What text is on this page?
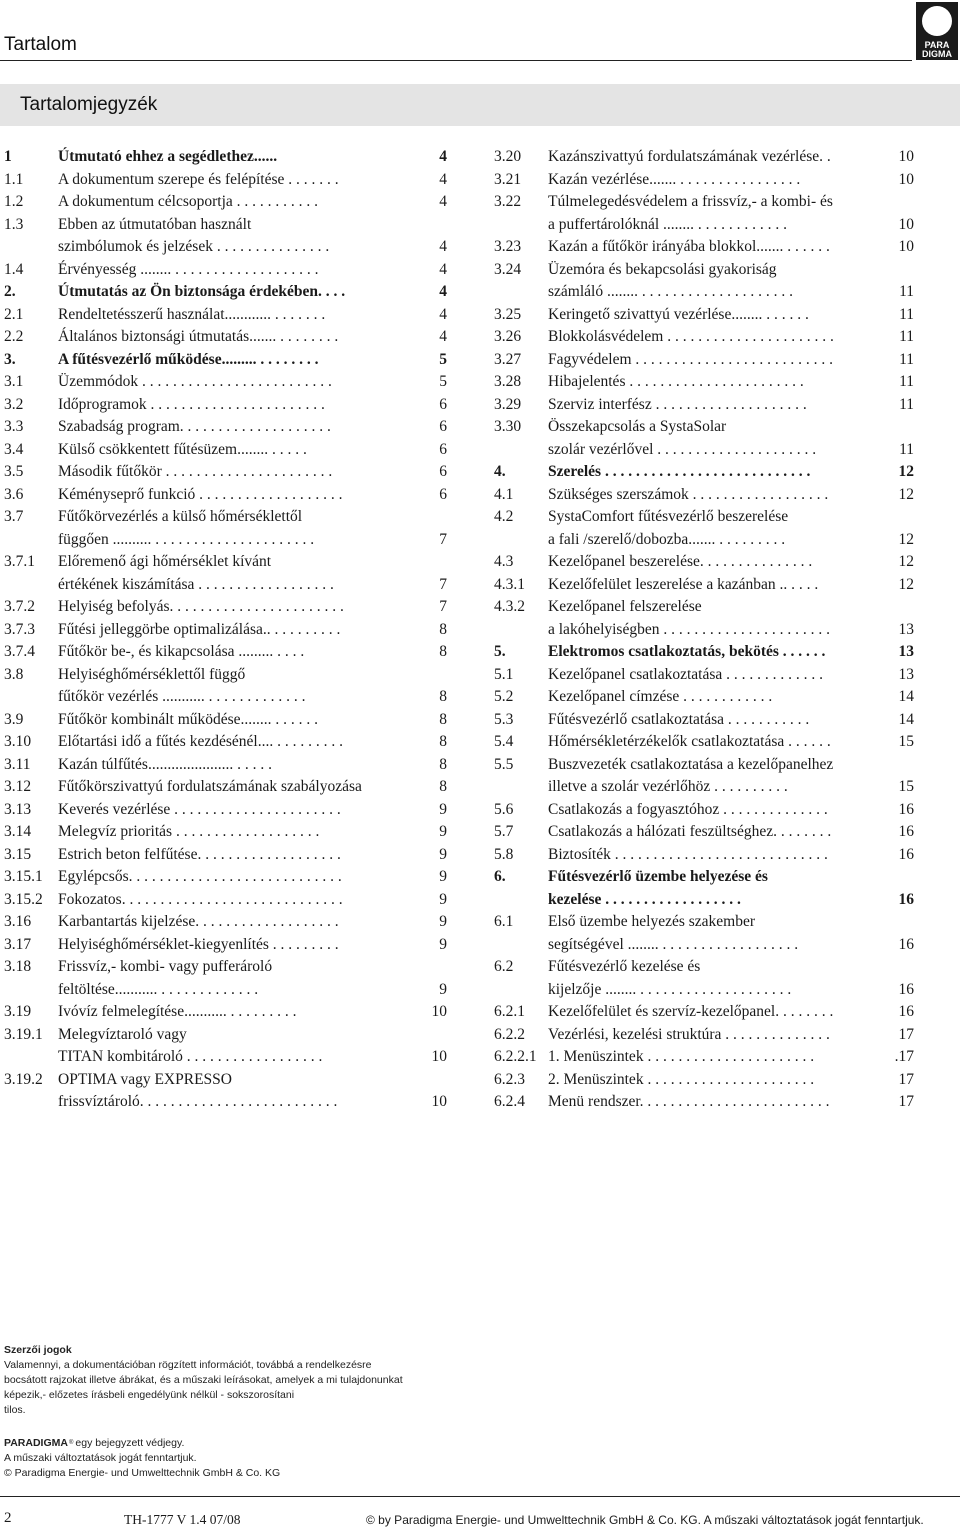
Tartalom	PARA
DIGMA
Tartalomjegyzék
1	Útmutató ehhez a segédlethez......	4
1.1	A dokumentum szerepe és felépítése . . . . . . .	4
1.2	A dokumentum célcsoportja . . . . . . . . . . .	4
1.3	Ebben az útmutatóban használt
szimbólumok és jelzések . . . . . . . . . . . . . . .	4
1.4	Érvényesség ........ . . . . . . . . . . . . . . . . . . .	4
2.	Útmutatás az Ön biztonsága érdekében. . . .	4
2.1	Rendeltetésszerű használat............ . . . . . . .	4
2.2	Általános biztonsági útmutatás....... . . . . . . . .	4
3.	A fűtésvezérlő működése......... . . . . . . . .	5
3.1	Üzemmódok . . . . . . . . . . . . . . . . . . . . . . . . .	5
3.2	Időprogramok . . . . . . . . . . . . . . . . . . . . . . .	6
3.3	Szabadság program. . . . . . . . . . . . . . . . . . . .	6
3.4	Külső csökkentett fűtésüzem........ . . . . .	6
3.5	Második fűtőkör . . . . . . . . . . . . . . . . . . . . . .	6
3.6	Kéményseprő funkció . . . . . . . . . . . . . . . . . . .	6
3.7	Fűtőkörvezérlés a külső hőmérséklettől
függően .......... . . . . . . . . . . . . . . . . . . . . .	7
3.7.1	Előremenő ági hőmérséklet kívánt
értékének kiszámítása . . . . . . . . . . . . . . . . . .	7
3.7.2	Helyiség befolyás. . . . . . . . . . . . . . . . . . . . . . .	7
3.7.3	Fűtési jelleggörbe optimalizálása.. . . . . . . . . .	8
3.7.4	Fűtőkör be-, és kikapcsolása ......... . . . .	8
3.8	Helyiséghőmérséklettől függő
fűtőkör vezérlés ........... . . . . . . . . . . . . .	8
3.9	Fűtőkör kombinált működése........ . . . . . .	8
3.10	Előtartási idő a fűtés kezdésénél.... . . . . . . . . .	8
3.11	Kazán túlfűtés...................... . . . . .	8
3.12	Fűtőkörszivattyú fordulatszámának szabályozása	8
3.13	Keverés vezérlése . . . . . . . . . . . . . . . . . . . . . .	9
3.14	Melegvíz prioritás . . . . . . . . . . . . . . . . . . .	9
3.15	Estrich beton felfűtése. . . . . . . . . . . . . . . . . . .	9
3.15.1 Egylépcsős. . . . . . . . . . . . . . . . . . . . . . . . . . . .	9
3.15.2 Fokozatos. . . . . . . . . . . . . . . . . . . . . . . . . . . . .	9
3.16	Karbantartás kijelzése. . . . . . . . . . . . . . . . . . .	9
3.17	Helyiséghőmérséklet-kiegyenlítés . . . . . . . . .	9
3.18	Frissvíz,- kombi- vagy pufferároló
feltöltése........... . . . . . . . . . . . . .	9
3.19	Ivóvíz felmelegítése........... . . . . . . . . .	10
3.19.1 Melegvíztaroló vagy
TITAN kombitároló . . . . . . . . . . . . . . . . . .	10
3.19.2 OPTIMA vagy EXPRESSO
frissvíztároló. . . . . . . . . . . . . . . . . . . . . . . . . .	10
3.20	Kazánszivattyú fordulatszámának vezérlése. .	10
3.21	Kazán vezérlése....... . . . . . . . . . . . . . . . .	10
3.22	Túlmelegedésvédelem a frissvíz,- a kombi- és
a puffertárolóknál ........ . . . . . . . . . . . .	10
3.23	Kazán a fűtőkör irányába blokkol....... . . . . . .	10
3.24	Üzemóra és bekapcsolási gyakoriság
számláló ........ . . . . . . . . . . . . . . . . . . . .	11
3.25	Keringető szivattyú vezérlése........ . . . . . .	11
3.26	Blokkolásvédelem . . . . . . . . . . . . . . . . . . . . . .	11
3.27	Fagyvédelem . . . . . . . . . . . . . . . . . . . . . . . . . .	11
3.28	Hibajelentés . . . . . . . . . . . . . . . . . . . . . . .	11
3.29	Szerviz interfész . . . . . . . . . . . . . . . . . . . .	11
3.30	Összekapcsolás a SystaSolar
szolár vezérlővel . . . . . . . . . . . . . . . . . . . . .	11
4.	Szerelés . . . . . . . . . . . . . . . . . . . . . . . . . . .	12
4.1	Szükséges szerszámok . . . . . . . . . . . . . . . . . .	12
4.2	SystaComfort fűtésvezérlő beszerelése
a fali /szerelő/dobozba....... . . . . . . . . .	12
4.3	Kezelőpanel beszerelése. . . . . . . . . . . . . . .	12
4.3.1	Kezelőfelület leszerelése a kazánban .. . . . .	12
4.3.2	Kezelőpanel felszerelése
a lakóhelyiségben . . . . . . . . . . . . . . . . . . . . . .	13
5.	Elektromos csatlakoztatás, bekötés . . . . . .	13
5.1	Kezelőpanel csatlakoztatása . . . . . . . . . . . . .	13
5.2	Kezelőpanel címzése . . . . . . . . . . . .	14
5.3	Fűtésvezérlő csatlakoztatása . . . . . . . . . . .	14
5.4	Hőmérsékletérzékelők csatlakoztatása . . . . . .	15
5.5	Buszvezeték csatlakoztatása a kezelőpanelhez
illetve a szolár vezérlőhöz . . . . . . . . . .	15
5.6	Csatlakozás a fogyasztóhoz . . . . . . . . . . . . . .	16
5.7	Csatlakozás a hálózati feszültséghez. . . . . . . .	16
5.8	Biztosíték . . . . . . . . . . . . . . . . . . . . . . . . . . . .	16
6.	Fűtésvezérlő üzembe helyezése és
kezelése . . . . . . . . . . . . . . . . . .	16
6.1	Első üzembe helyezés szakember
segítségével ........ . . . . . . . . . . . . . . . . . .	16
6.2	Fűtésvezérlő kezelése és
kijelzője ........ . . . . . . . . . . . . . . . . . . . .	16
6.2.1	Kezelőfelület és szervíz-kezelőpanel. . . . . . . .	16
6.2.2	Vezérlési, kezelési struktúra . . . . . . . . . . . . . .	17
6.2.2.1 1. Menüszintek . . . . . . . . . . . . . . . . . . . . . .	.17
6.2.3	2. Menüszintek . . . . . . . . . . . . . . . . . . . . . .	17
6.2.4	Menü rendszer. . . . . . . . . . . . . . . . . . . . . . . . .	17
Szerzői jogok
Valamennyi, a dokumentációban rögzített információt, továbbá a rendelkezésre
bocsátott rajzokat illetve ábrákat, és a műszaki leírásokat, amelyek a mi tulajdonunkat
képezik,- előzetes írásbeli engedélyünk nélkül - sokszorosítani
tilos.
PARADIGMA ® egy bejegyzett védjegy.
A műszaki változtatások jogát fenntartjuk.
© Paradigma Energie- und Umwelttechnik GmbH & Co. KG
2	TH-1777 V 1.4 07/08	© by Paradigma Energie- und Umwelttechnik GmbH & Co. KG. A műszaki változtatások jogát fenntartjuk.
